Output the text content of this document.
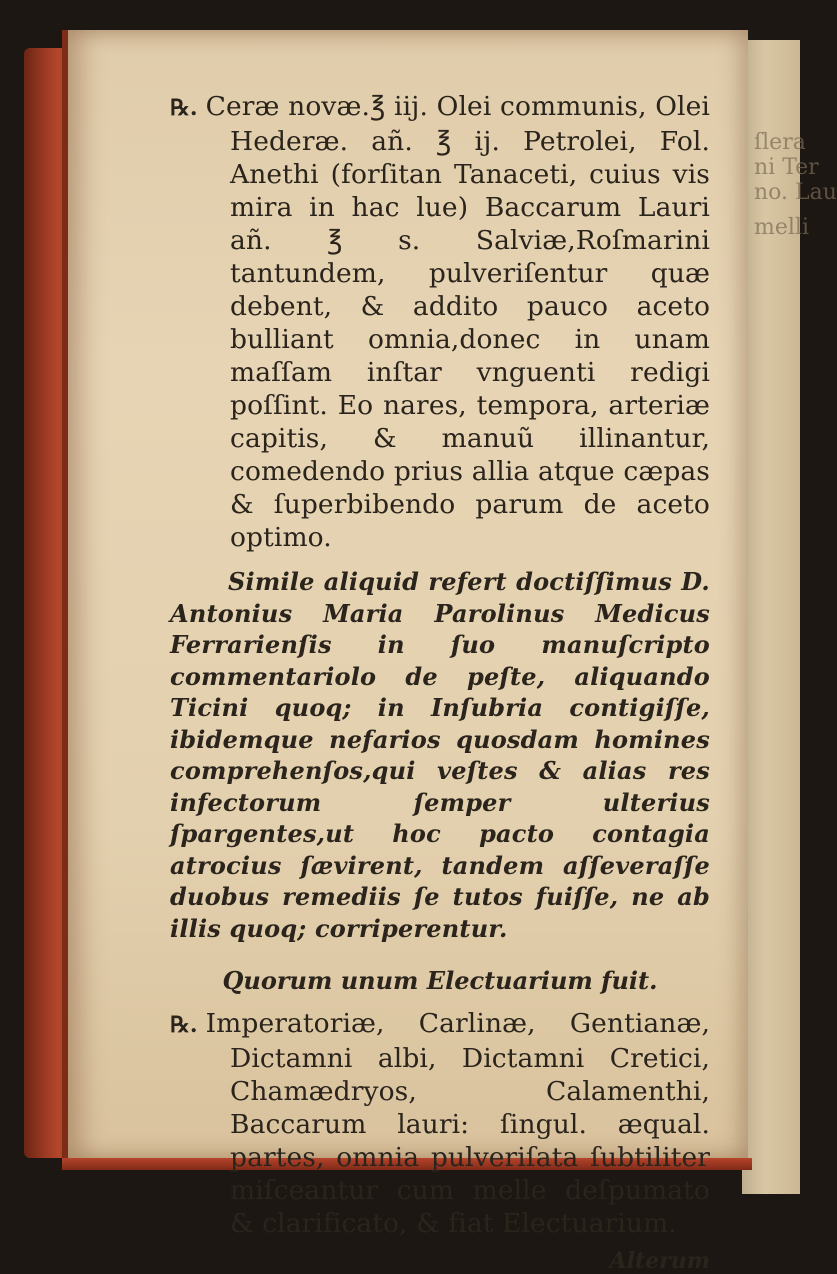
ſlera
ni Ter
no. Lau
melli

℞. Ceræ novæ.℥ iij. Olei communis, Olei Hederæ. añ. ℥ ij. Petrolei, Fol. Anethi (forſitan Tanaceti, cuius vis mira in hac lue) Baccarum Lauri añ. ℥ s. Salviæ,Roſmarini tantundem, pulveriſentur quæ debent, & addito pauco aceto bulliant omnia,donec in unam maſſam inſtar vnguenti redigi poſſint. Eo nares, tempora, arteriæ capitis, & manuũ illinantur, comedendo prius allia atque cæpas & ſuperbibendo parum de aceto optimo.

Simile aliquid refert doctiſſimus D. Antonius Maria Parolinus Medicus Ferrarienſis in ſuo manuſcripto commentariolo de peſte, aliquando Ticini quoq; in Inſubria contigiſſe, ibidemque nefarios quosdam homines comprehenſos,qui veſtes & alias res infectorum ſemper ulterius ſpargentes,ut hoc pacto contagia atrocius ſævirent, tandem aſſeveraſſe duobus remediis ſe tutos fuiſſe, ne ab illis quoq; corriperentur.

Quorum unum Electuarium fuit.

℞. Imperatoriæ, Carlinæ, Gentianæ, Dictamni albi, Dictamni Cretici, Chamædryos, Calamenthi, Baccarum lauri: ſingul. æqual. partes, omnia pulveriſata ſubtiliter miſceantur cum melle deſpumato & clarificato, & fiat Electuarium.

Alterum
